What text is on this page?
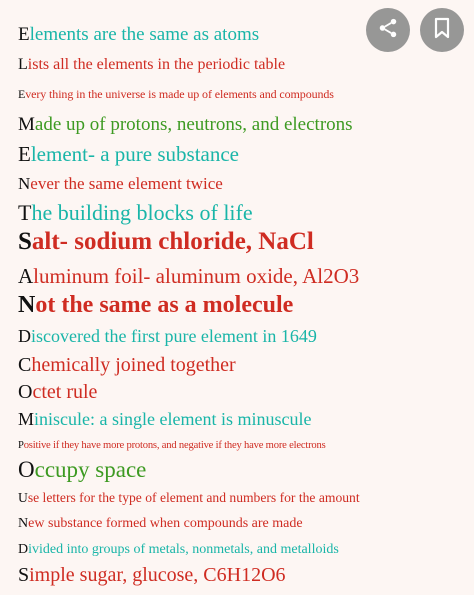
Elements are the same as atoms
Lists all the elements in the periodic table
Every thing in the universe is made up of elements and compounds
Made up of protons, neutrons, and electrons
Element- a pure substance
Never the same element twice
The building blocks of life
Salt- sodium chloride, NaCl
Aluminum foil- aluminum oxide, Al2O3
Not the same as a molecule
Discovered the first pure element in 1649
Chemically joined together
Octet rule
Miniscule: a single element is minuscule
Positive if they have more protons, and negative if they have more electrons
Occupy space
Use letters for the type of element and numbers for the amount
New substance formed when compounds are made
Divided into groups of metals, nonmetals, and metalloids
Simple sugar, glucose, C6H12O6
